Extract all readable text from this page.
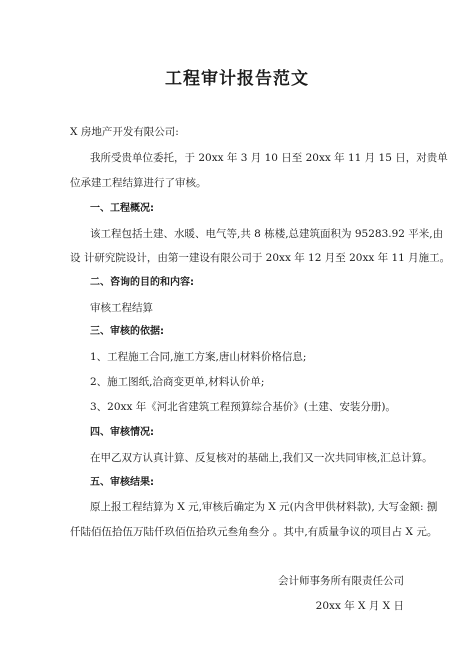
工程审计报告范文
X 房地产开发有限公司:
我所受贵单位委托，于 20xx 年 3 月 10 日至 20xx 年 11 月 15 日，对贵单
位承建工程结算进行了审核。
一、工程概况:
该工程包括土建、水暖、电气等,共 8 栋楼,总建筑面积为 95283.92 平米,由
设 计研究院设计，由第一建设有限公司于 20xx 年 12 月至 20xx 年 11 月施工。
二、咨询的目的和内容:
审核工程结算
三、审核的依据:
1、工程施工合同,施工方案,唐山材料价格信息;
2、施工图纸,洽商变更单,材料认价单;
3、20xx 年《河北省建筑工程预算综合基价》(土建、安装分册)。
四、审核情况:
在甲乙双方认真计算、反复核对的基础上,我们又一次共同审核,汇总计算。
五、审核结果:
原上报工程结算为 X 元,审核后确定为 X 元(内含甲供材料款), 大写金额: 捌
仟陆佰伍拾伍万陆仟玖佰伍拾玖元叁角叁分 。其中,有质量争议的项目占 X 元。
会计师事务所有限责任公司
20xx 年 X 月 X 日
